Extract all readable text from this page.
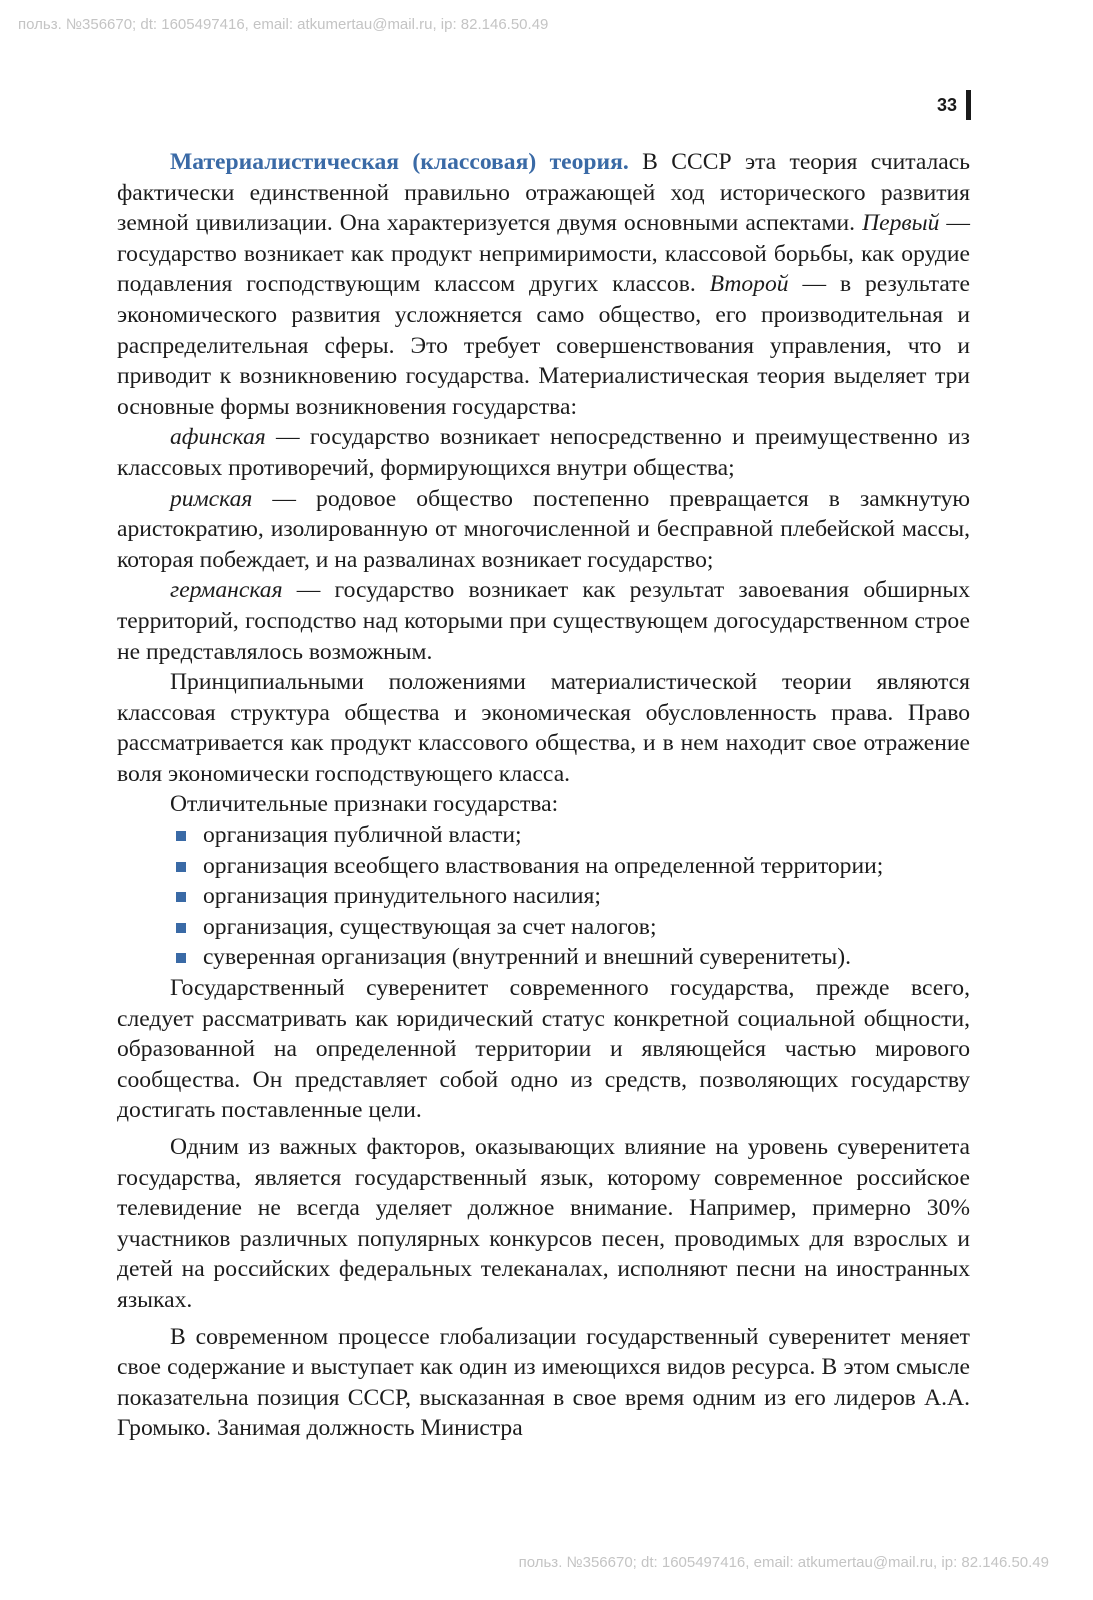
польз. №356670; dt: 1605497416, email: atkumertau@mail.ru, ip: 82.146.50.49
33

Материалистическая (классовая) теория. В СССР эта теория считалась фактически единственной правильно отражающей ход исторического развития земной цивилизации. Она характеризуется двумя основными аспектами. Первый — государство возникает как продукт непримиримости, классовой борьбы, как орудие подавления господствующим классом других классов. Второй — в результате экономического развития усложняется само общество, его производительная и распределительная сферы. Это требует совершенствования управления, что и приводит к возникновению государства. Материалистическая теория выделяет три основные формы возникновения государства:

афинская — государство возникает непосредственно и преимущественно из классовых противоречий, формирующихся внутри общества;

римская — родовое общество постепенно превращается в замкнутую аристократию, изолированную от многочисленной и бесправной плебейской массы, которая побеждает, и на развалинах возникает государство;

германская — государство возникает как результат завоевания обширных территорий, господство над которыми при существующем догосударственном строе не представлялось возможным.

Принципиальными положениями материалистической теории являются классовая структура общества и экономическая обусловленность права. Право рассматривается как продукт классового общества, и в нем находит свое отражение воля экономически господствующего класса.

Отличительные признаки государства:

организация публичной власти;
организация всеобщего властвования на определенной территории;
организация принудительного насилия;
организация, существующая за счет налогов;
суверенная организация (внутренний и внешний суверенитеты).

Государственный суверенитет современного государства, прежде всего, следует рассматривать как юридический статус конкретной социальной общности, образованной на определенной территории и являющейся частью мирового сообщества. Он представляет собой одно из средств, позволяющих государству достигать поставленные цели.

Одним из важных факторов, оказывающих влияние на уровень суверенитета государства, является государственный язык, которому современное российское телевидение не всегда уделяет должное внимание. Например, примерно 30% участников различных популярных конкурсов песен, проводимых для взрослых и детей на российских федеральных телеканалах, исполняют песни на иностранных языках.

В современном процессе глобализации государственный суверенитет меняет свое содержание и выступает как один из имеющихся видов ресурса. В этом смысле показательна позиция СССР, высказанная в свое время одним из его лидеров А.А. Громыко. Занимая должность Министра

польз. №356670; dt: 1605497416, email: atkumertau@mail.ru, ip: 82.146.50.49
